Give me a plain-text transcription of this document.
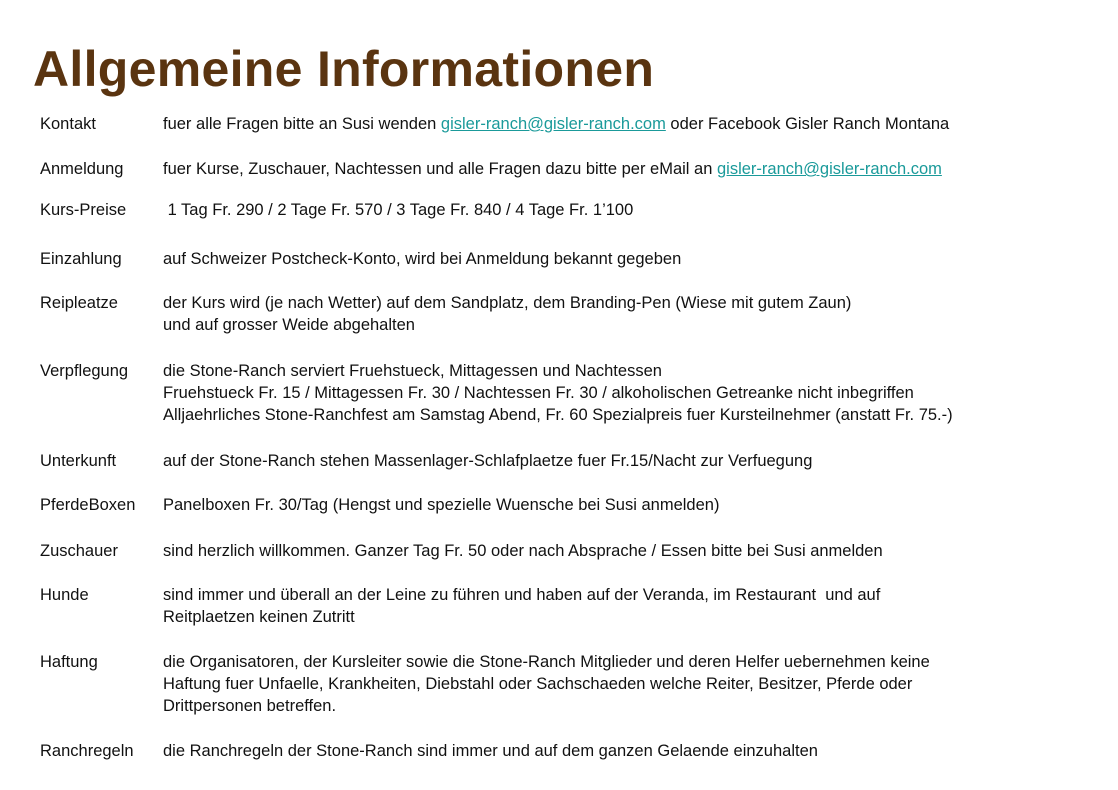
Allgemeine Informationen
Kontakt	fuer alle Fragen bitte an Susi wenden gisler-ranch@gisler-ranch.com oder Facebook Gisler Ranch Montana
Anmeldung fuer Kurse, Zuschauer, Nachtessen und alle Fragen dazu bitte per eMail an gisler-ranch@gisler-ranch.com
Kurs-Preise 1 Tag Fr. 290 / 2 Tage Fr. 570 / 3 Tage Fr. 840 / 4 Tage Fr. 1’100
Einzahlung	auf Schweizer Postcheck-Konto, wird bei Anmeldung bekannt gegeben
Reipleatze	der Kurs wird (je nach Wetter) auf dem Sandplatz, dem Branding-Pen (Wiese mit gutem Zaun)
und auf grosser Weide abgehalten
Verpflegung die Stone-Ranch serviert Fruehstueck, Mittagessen und Nachtessen
Fruehstueck Fr. 15 / Mittagessen Fr. 30 / Nachtessen Fr. 30 / alkoholischen Getreanke nicht inbegriffen
Alljaehrliches Stone-Ranchfest am Samstag Abend, Fr. 60 Spezialpreis fuer Kursteilnehmer (anstatt Fr. 75.-)
Unterkunft	auf der Stone-Ranch stehen Massenlager-Schlafplaetze fuer Fr.15/Nacht zur Verfuegung
PferdeBoxen Panelboxen Fr. 30/Tag (Hengst und spezielle Wuensche bei Susi anmelden)
Zuschauer	sind herzlich willkommen. Ganzer Tag Fr. 50 oder nach Absprache / Essen bitte bei Susi anmelden
Hunde	sind immer und überall an der Leine zu führen und haben auf der Veranda, im Restaurant  und auf
Reitplaetzen keinen Zutritt
Haftung	die Organisatoren, der Kursleiter sowie die Stone-Ranch Mitglieder und deren Helfer uebernehmen keine
Haftung fuer Unfaelle, Krankheiten, Diebstahl oder Sachschaeden welche Reiter, Besitzer, Pferde oder
Drittpersonen betreffen.
Ranchregeln die Ranchregeln der Stone-Ranch sind immer und auf dem ganzen Gelaende einzuhalten
